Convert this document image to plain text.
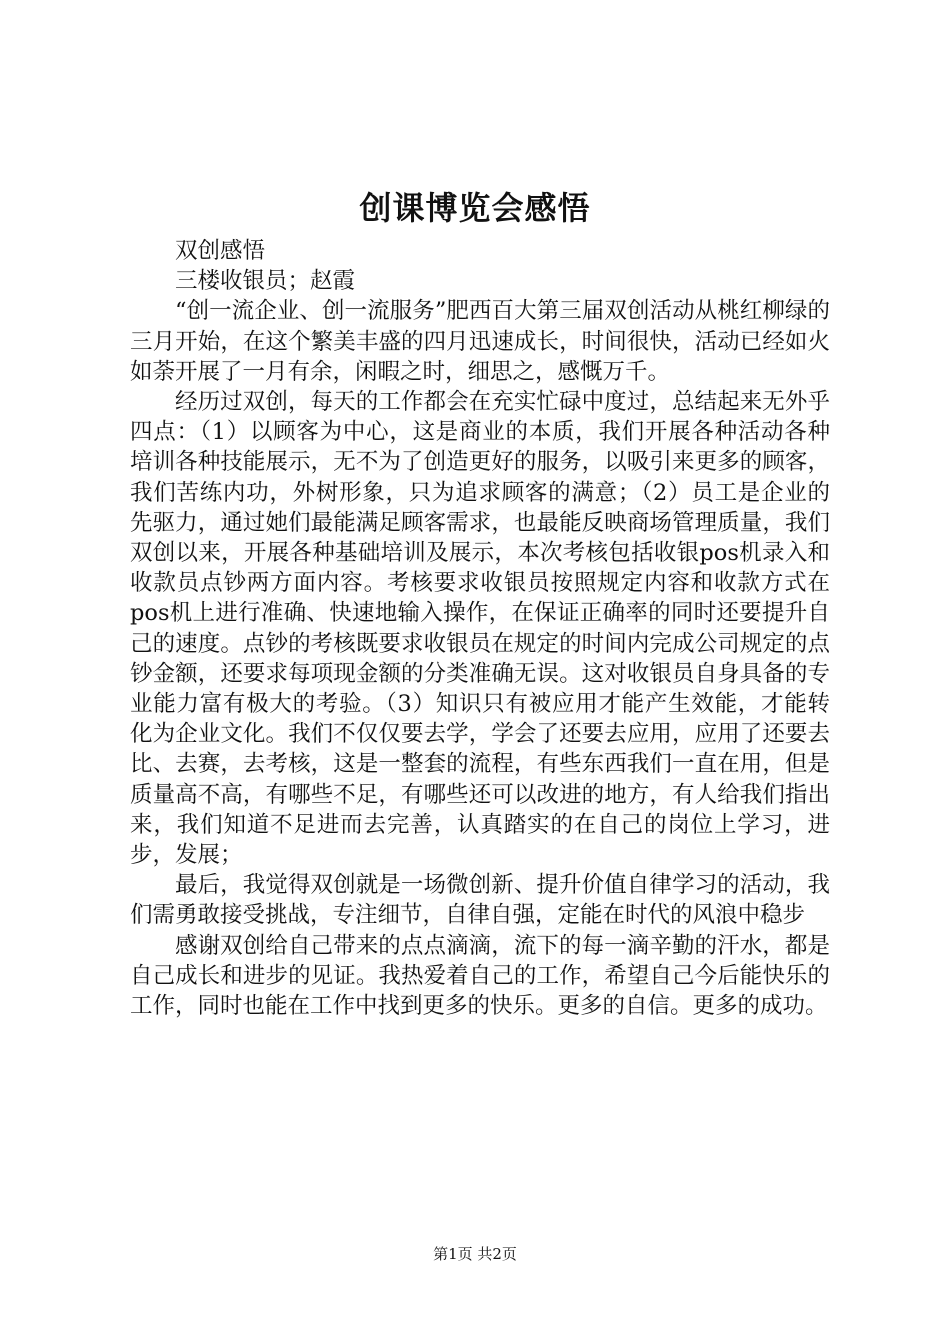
创课博览会感悟

双创感悟

三楼收银员；赵霞

“创一流企业、创一流服务”肥西百大第三届双创活动从桃红柳绿的三月开始，在这个繁美丰盛的四月迅速成长，时间很快，活动已经如火如荼开展了一月有余，闲暇之时，细思之，感慨万千。

经历过双创，每天的工作都会在充实忙碌中度过，总结起来无外乎四点：（1）以顾客为中心，这是商业的本质，我们开展各种活动各种培训各种技能展示，无不为了创造更好的服务，以吸引来更多的顾客，我们苦练内功，外树形象，只为追求顾客的满意；（2）员工是企业的先驱力，通过她们最能满足顾客需求，也最能反映商场管理质量，我们双创以来，开展各种基础培训及展示，本次考核包括收银pos机录入和收款员点钞两方面内容。考核要求收银员按照规定内容和收款方式在pos机上进行准确、快速地输入操作，在保证正确率的同时还要提升自己的速度。点钞的考核既要求收银员在规定的时间内完成公司规定的点钞金额，还要求每项现金额的分类准确无误。这对收银员自身具备的专业能力富有极大的考验。（3）知识只有被应用才能产生效能，才能转化为企业文化。我们不仅仅要去学，学会了还要去应用，应用了还要去比、去赛，去考核，这是一整套的流程，有些东西我们一直在用，但是质量高不高，有哪些不足，有哪些还可以改进的地方，有人给我们指出来，我们知道不足进而去完善，认真踏实的在自己的岗位上学习，进步，发展；

最后，我觉得双创就是一场微创新、提升价值自律学习的活动，我们需勇敢接受挑战，专注细节，自律自强，定能在时代的风浪中稳步

感谢双创给自己带来的点点滴滴，流下的每一滴辛勤的汗水，都是自己成长和进步的见证。我热爱着自己的工作，希望自己今后能快乐的工作，同时也能在工作中找到更多的快乐。更多的自信。更多的成功。

第1页 共2页
